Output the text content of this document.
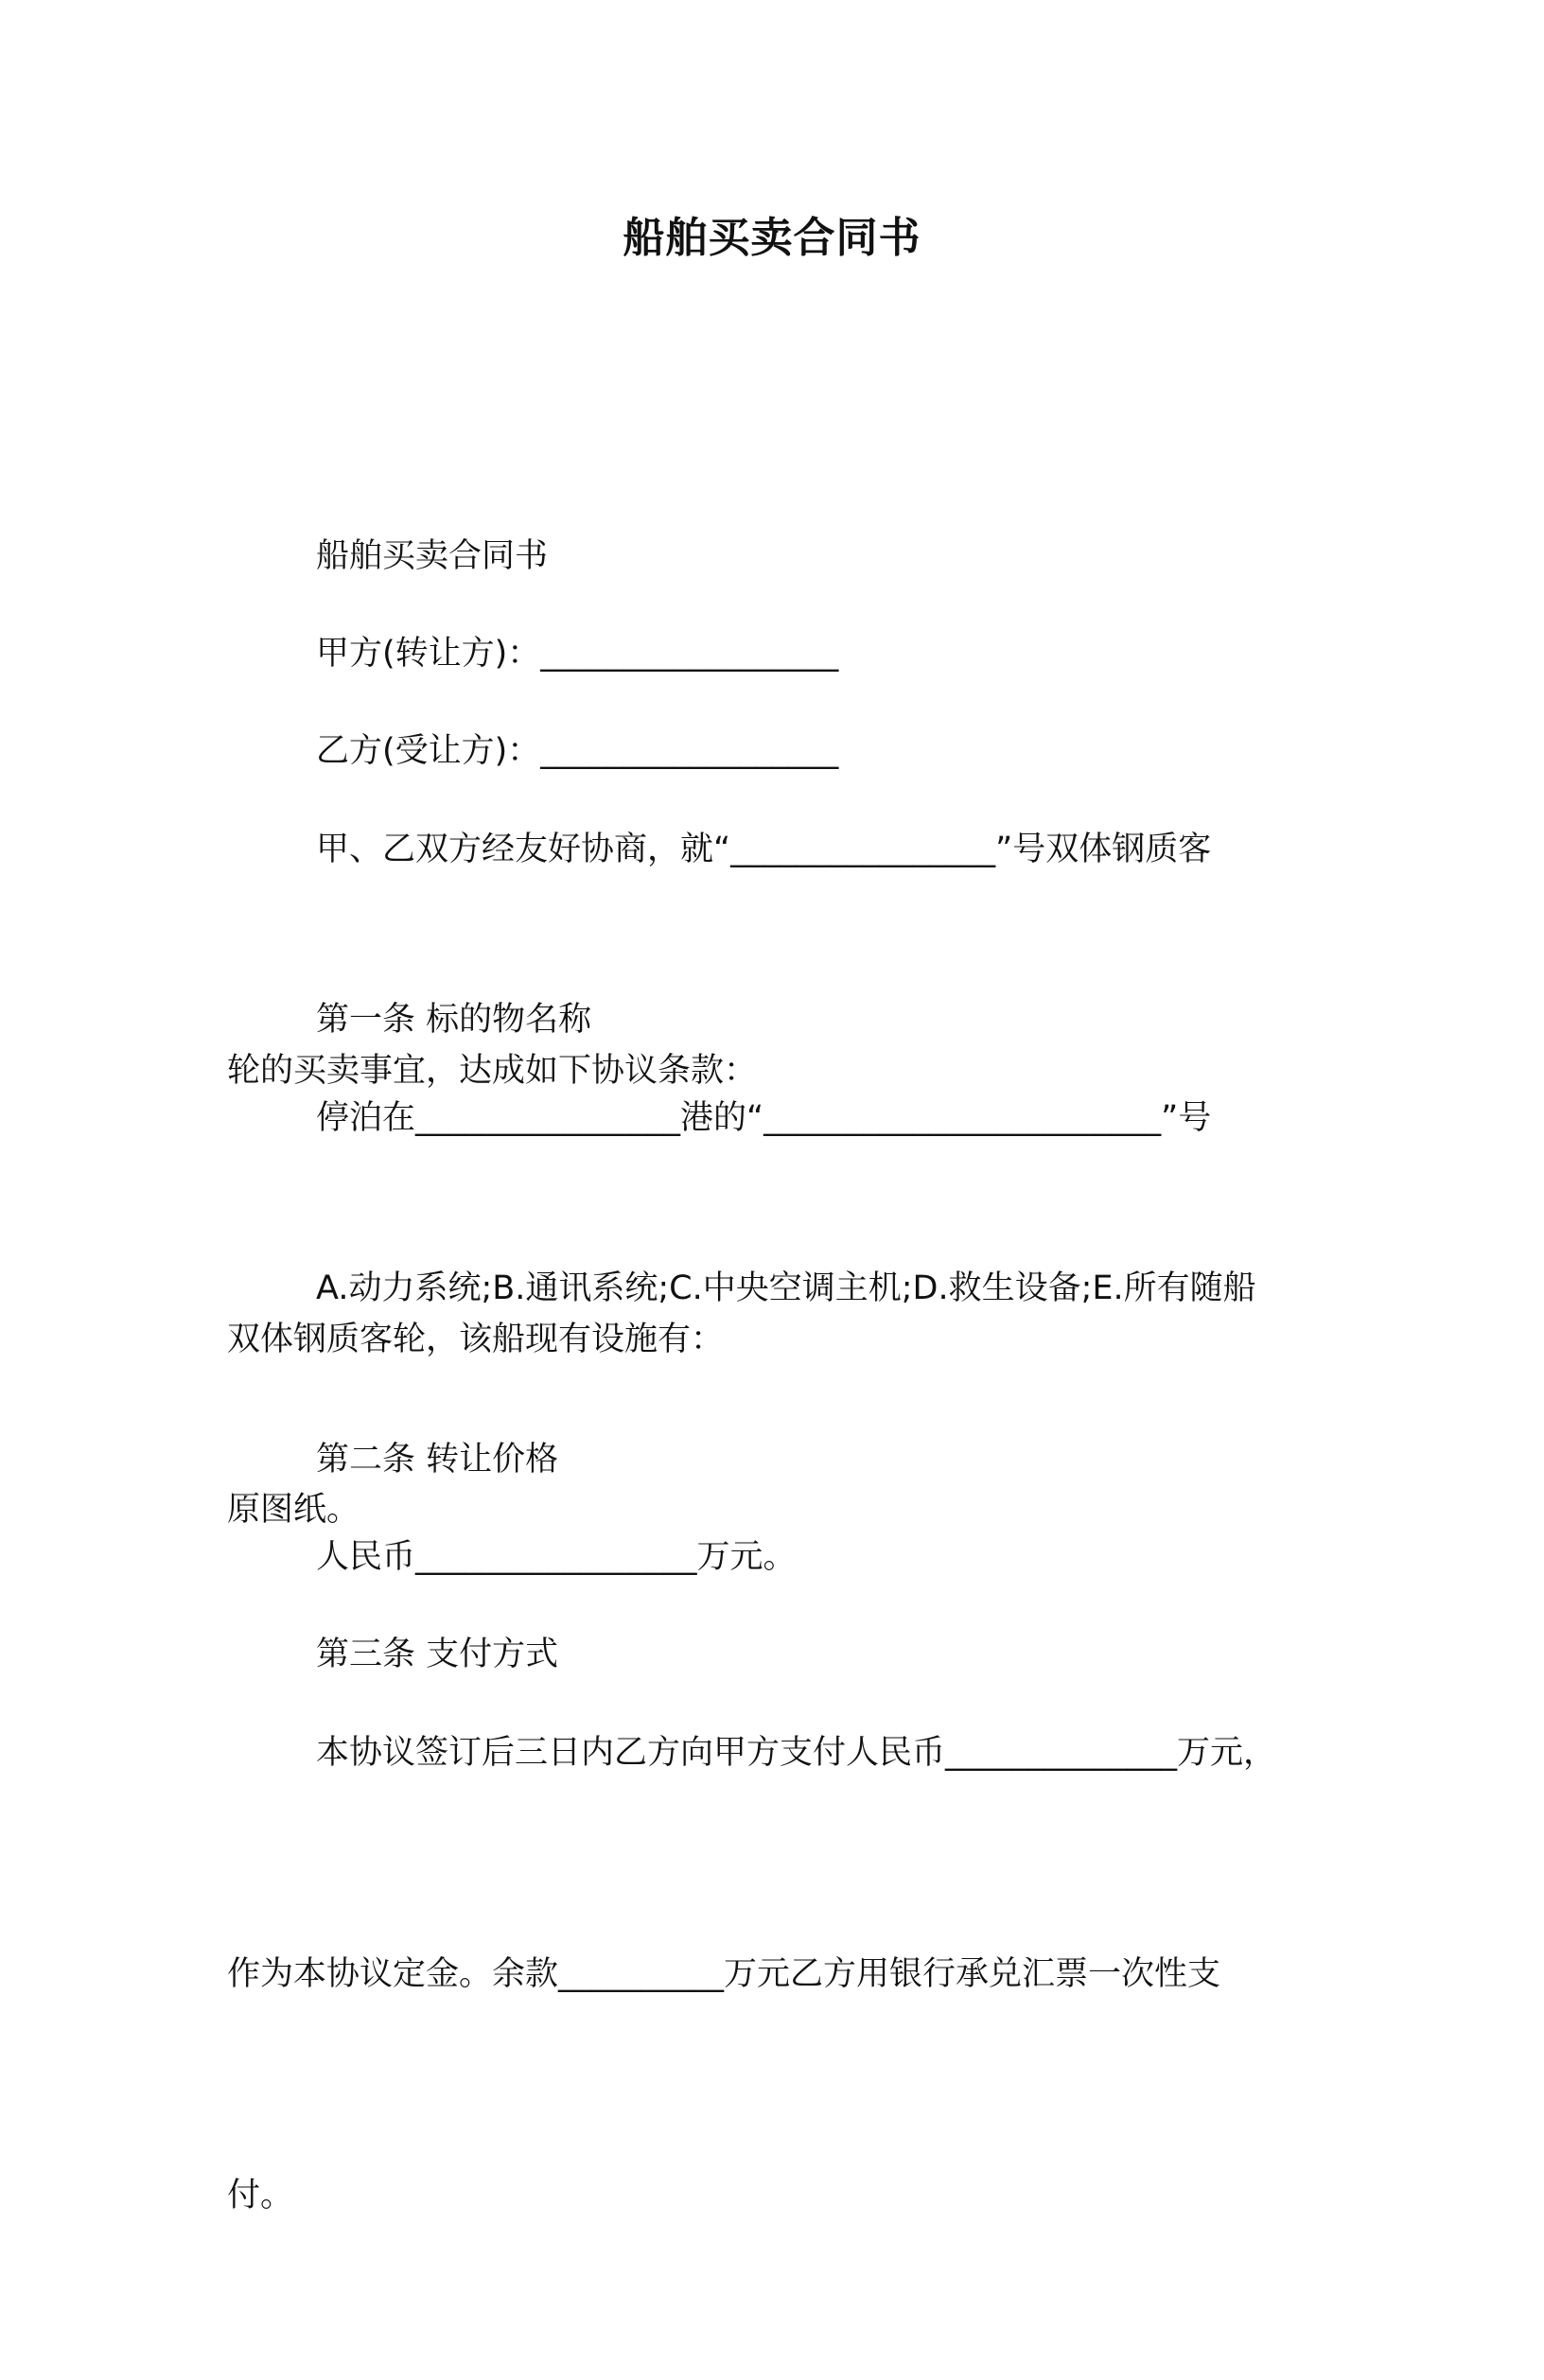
船舶买卖合同书

船舶买卖合同书

甲方(转让方)：__________________

乙方(受让方)：__________________

甲、乙双方经友好协商，就“________________”号双体钢质客

轮的买卖事宜，达成如下协议条款：

第一条 标的物名称

停泊在________________港的“________________________”号

双体钢质客轮，该船现有设施有：

A.动力系统;B.通讯系统;C.中央空调主机;D.救生设备;E.所有随船

原图纸。

第二条 转让价格

人民币_________________万元。

第三条 支付方式

本协议签订后三日内乙方向甲方支付人民币______________万元，

作为本协议定金。余款__________万元乙方用银行承兑汇票一次性支

付。
